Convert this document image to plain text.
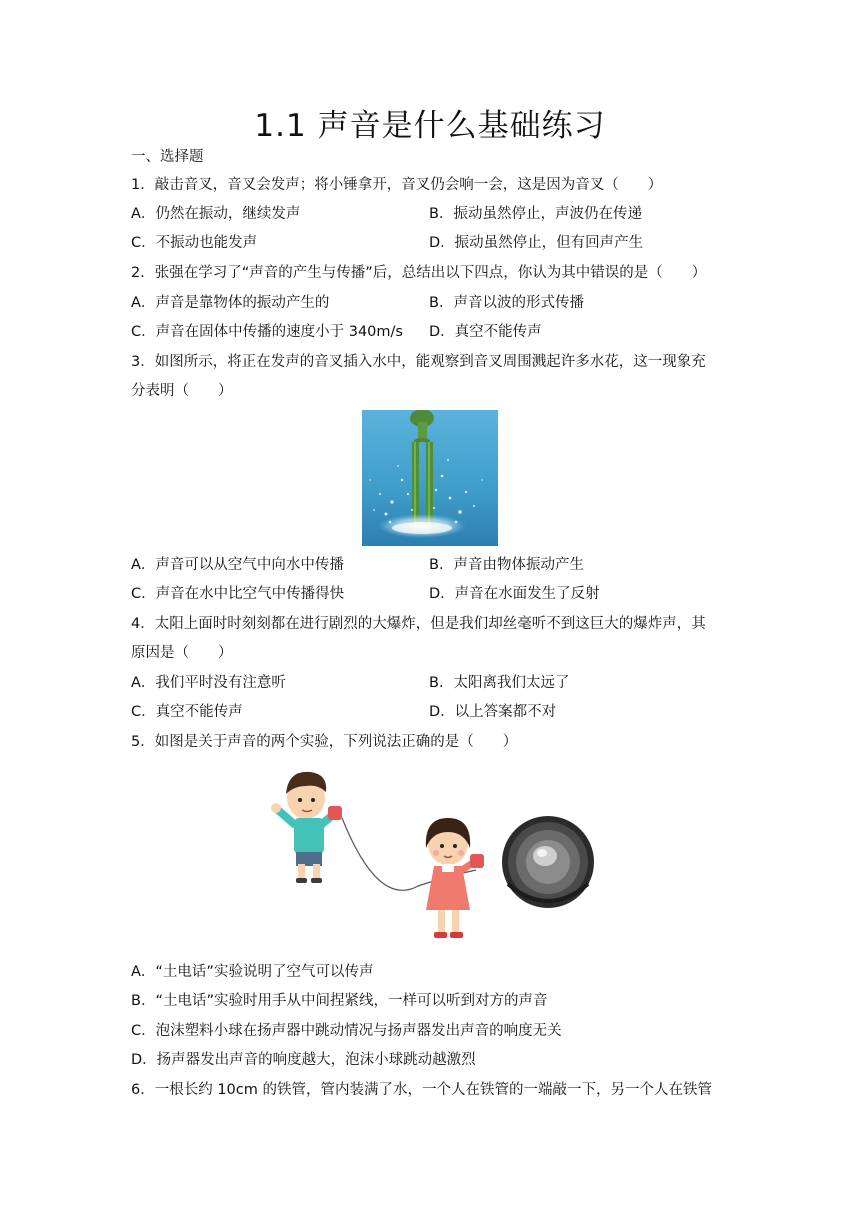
1.1 声音是什么基础练习
一、选择题
1．敲击音叉，音叉会发声；将小锤拿开，音叉仍会响一会，这是因为音叉（　　）
A．仍然在振动，继续发声	B．振动虽然停止，声波仍在传递
C．不振动也能发声	D．振动虽然停止，但有回声产生
2．张强在学习了“声音的产生与传播”后，总结出以下四点，你认为其中错误的是（　　）
A．声音是靠物体的振动产生的	B．声音以波的形式传播
C．声音在固体中传播的速度小于 340m/s D．真空不能传声
3．如图所示，将正在发声的音叉插入水中，能观察到音叉周围溅起许多水花，这一现象充
分表明（　　）
A．声音可以从空气中向水中传播	B．声音由物体振动产生
C．声音在水中比空气中传播得快	D．声音在水面发生了反射
4．太阳上面时时刻刻都在进行剧烈的大爆炸，但是我们却丝毫听不到这巨大的爆炸声，其
原因是（　　）
A．我们平时没有注意听	B．太阳离我们太远了
C．真空不能传声	D．以上答案都不对
5．如图是关于声音的两个实验，下列说法正确的是（　　）
A．“土电话”实验说明了空气可以传声
B．“土电话”实验时用手从中间捏紧线，一样可以听到对方的声音
C．泡沫塑料小球在扬声器中跳动情况与扬声器发出声音的响度无关
D．扬声器发出声音的响度越大，泡沫小球跳动越激烈
6．一根长约 10cm 的铁管，管内装满了水，一个人在铁管的一端敲一下，另一个人在铁管
